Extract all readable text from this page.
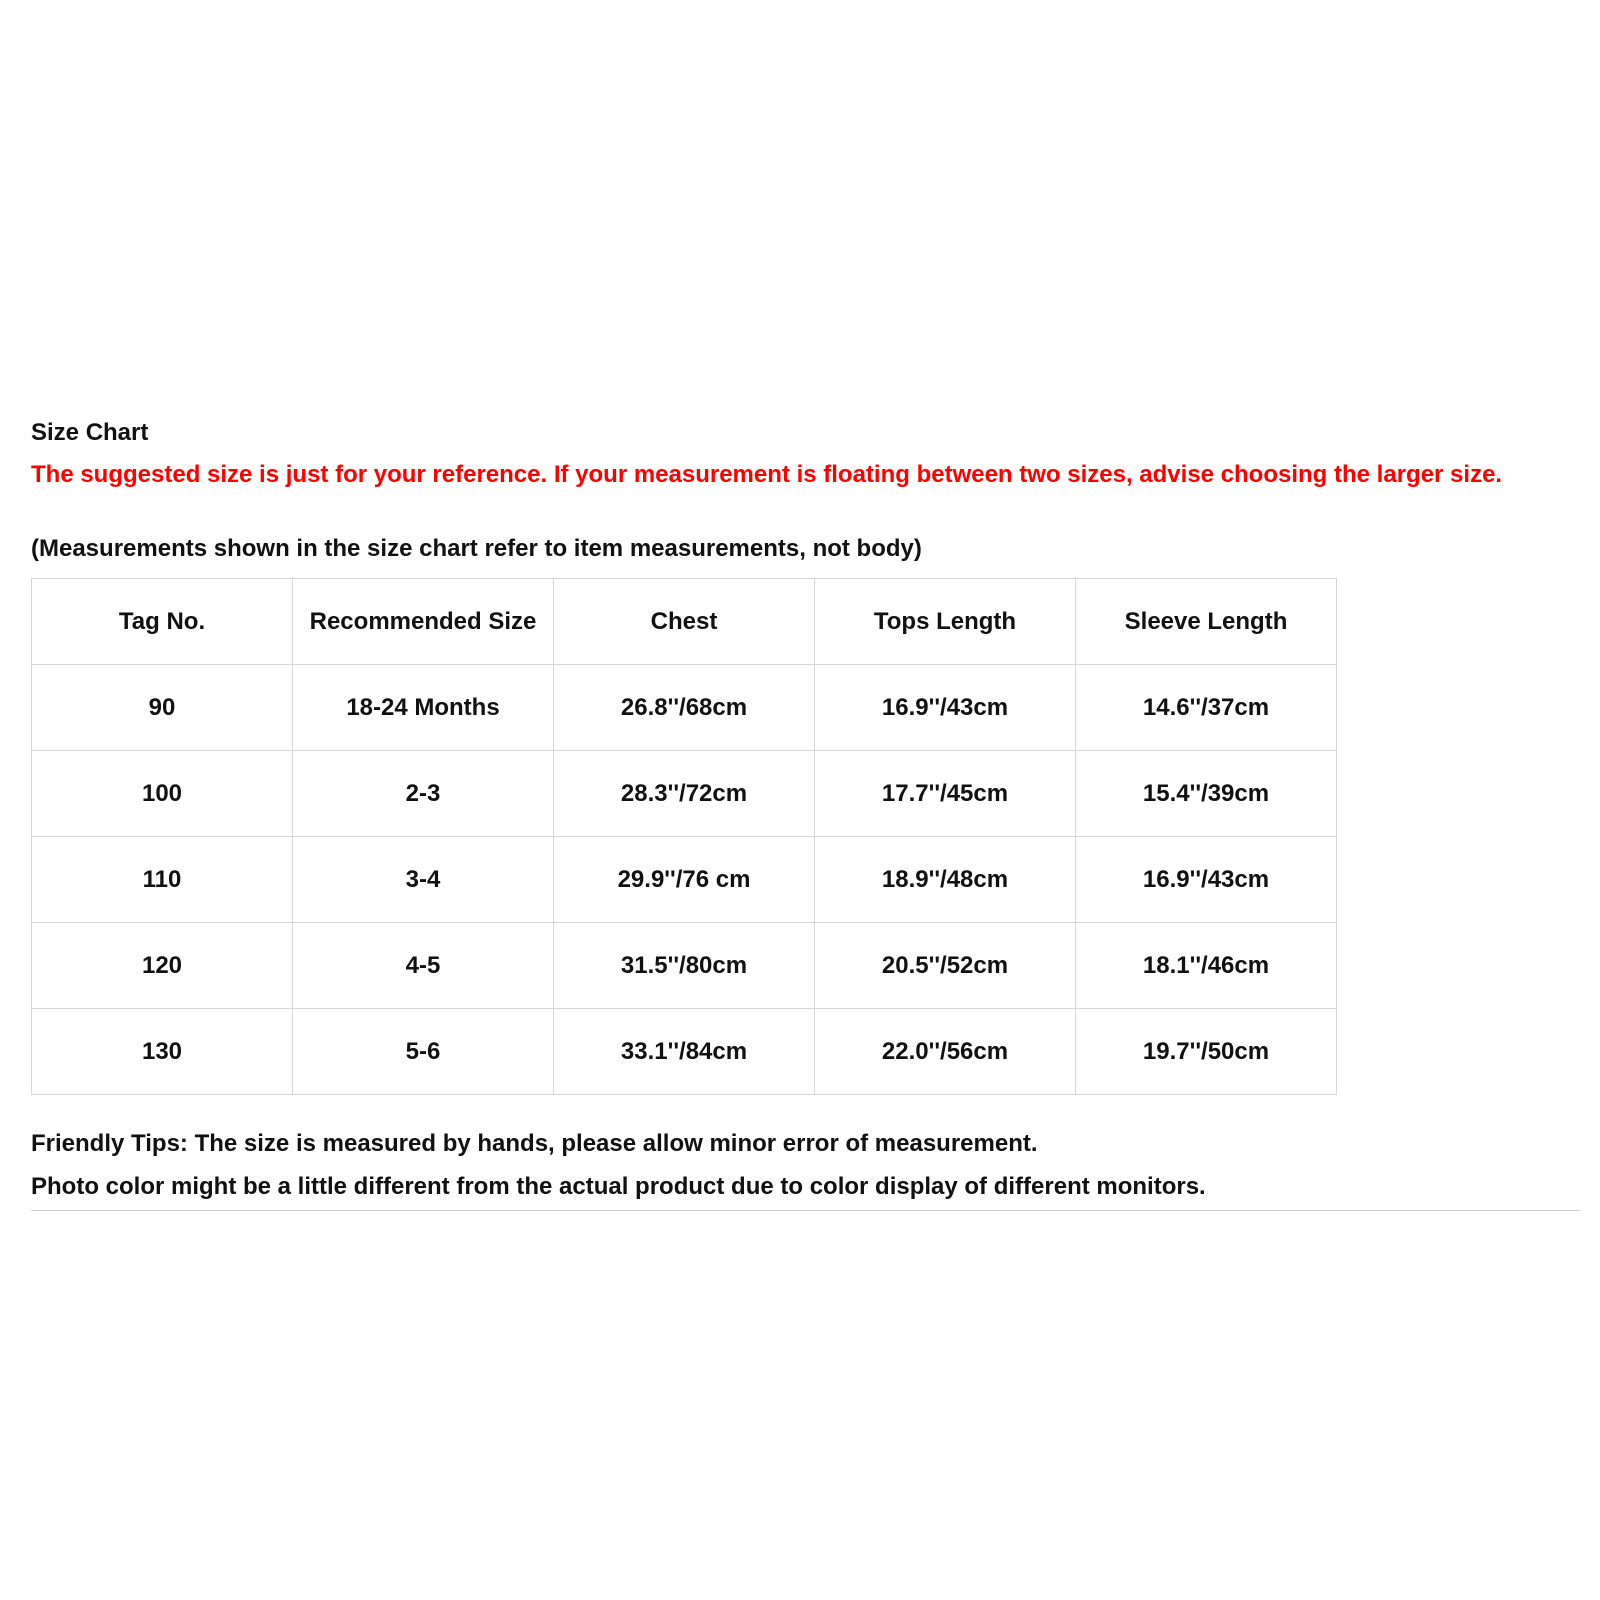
Size Chart

The suggested size is just for your reference. If your measurement is floating between two sizes, advise choosing the larger size.

(Measurements shown in the size chart refer to item measurements, not body)

Tag No.	Recommended Size	Chest	Tops Length	Sleeve Length
90	18-24 Months	26.8''/68cm	16.9''/43cm	14.6''/37cm
100	2-3	28.3''/72cm	17.7''/45cm	15.4''/39cm
110	3-4	29.9''/76 cm	18.9''/48cm	16.9''/43cm
120	4-5	31.5''/80cm	20.5''/52cm	18.1''/46cm
130	5-6	33.1''/84cm	22.0''/56cm	19.7''/50cm

Friendly Tips: The size is measured by hands, please allow minor error of measurement.

Photo color might be a little different from the actual product due to color display of different monitors.
